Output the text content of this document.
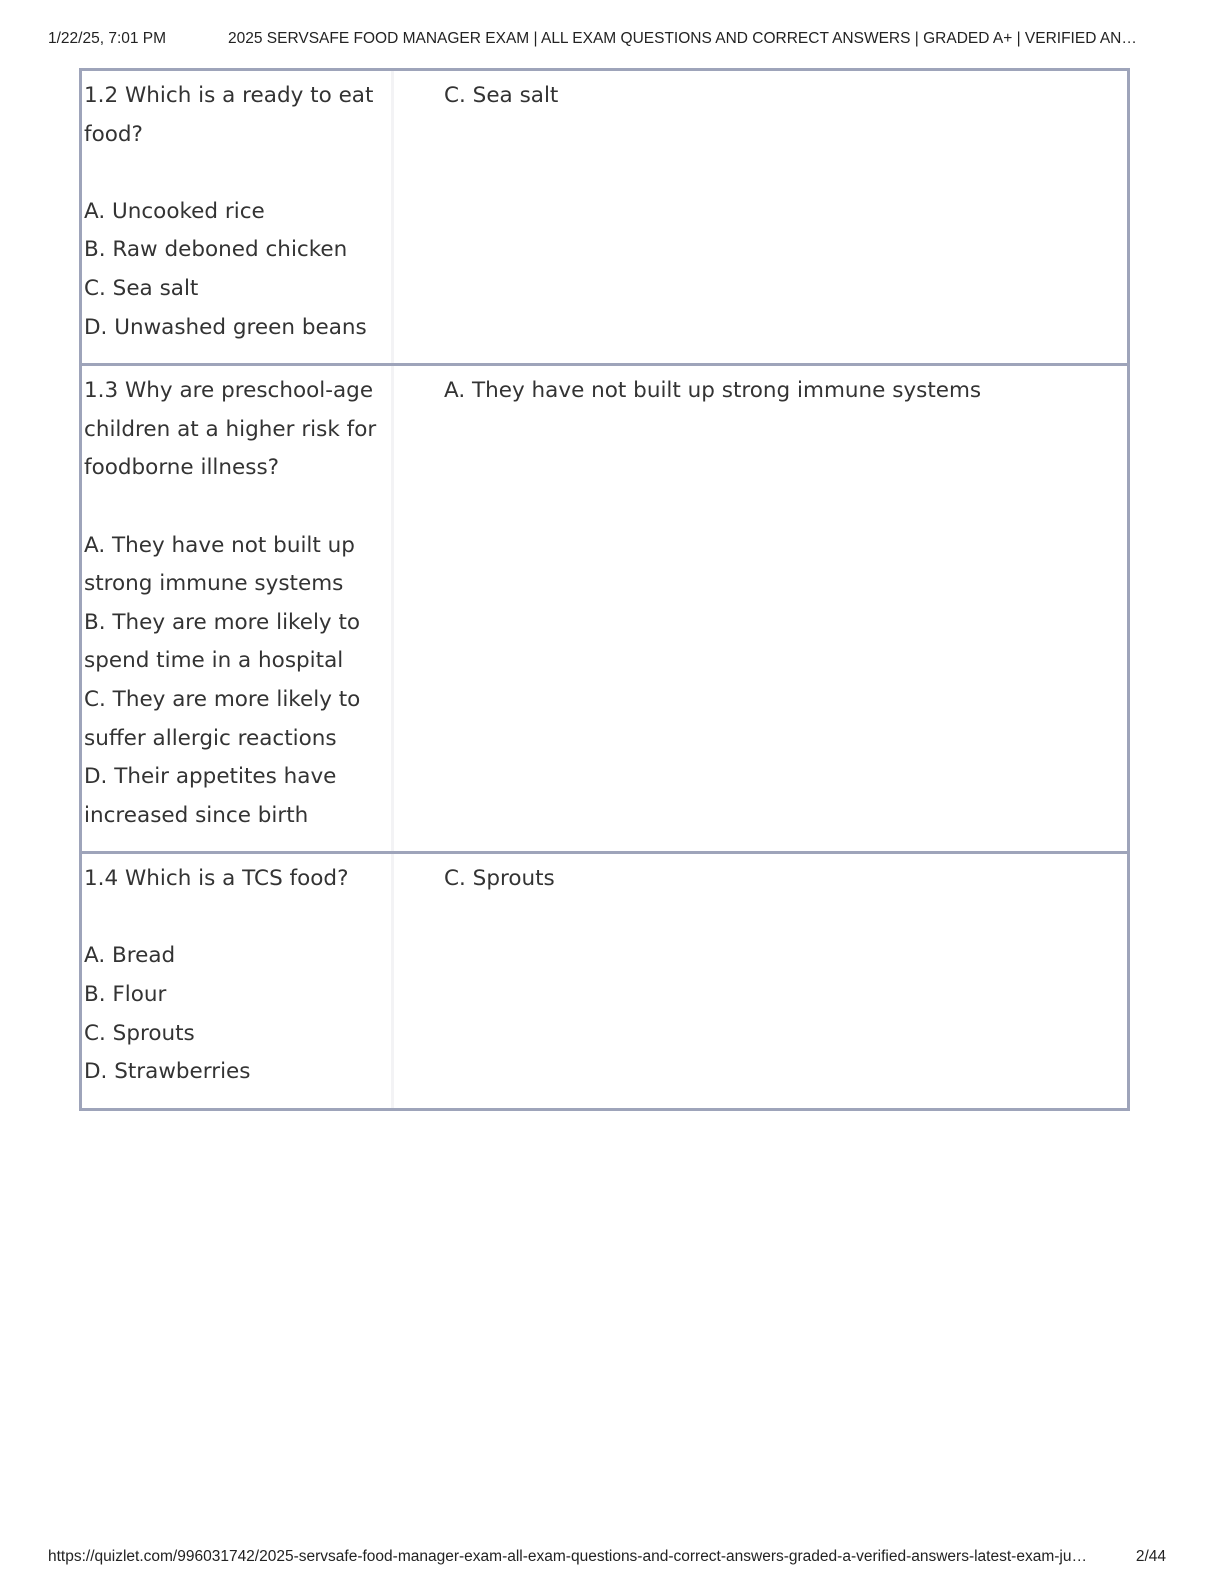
1/22/25, 7:01 PM	2025 SERVSAFE FOOD MANAGER EXAM | ALL EXAM QUESTIONS AND CORRECT ANSWERS | GRADED A+ | VERIFIED AN…
1.2 Which is a ready to eat food?

A. Uncooked rice
B. Raw deboned chicken
C. Sea salt
D. Unwashed green beans
C. Sea salt
1.3 Why are preschool-age children at a higher risk for foodborne illness?

A. They have not built up strong immune systems
B. They are more likely to spend time in a hospital
C. They are more likely to suffer allergic reactions
D. Their appetites have increased since birth
A. They have not built up strong immune systems
1.4 Which is a TCS food?

A. Bread
B. Flour
C. Sprouts
D. Strawberries
C. Sprouts
https://quizlet.com/996031742/2025-servsafe-food-manager-exam-all-exam-questions-and-correct-answers-graded-a-verified-answers-latest-exam-ju…	2/44
